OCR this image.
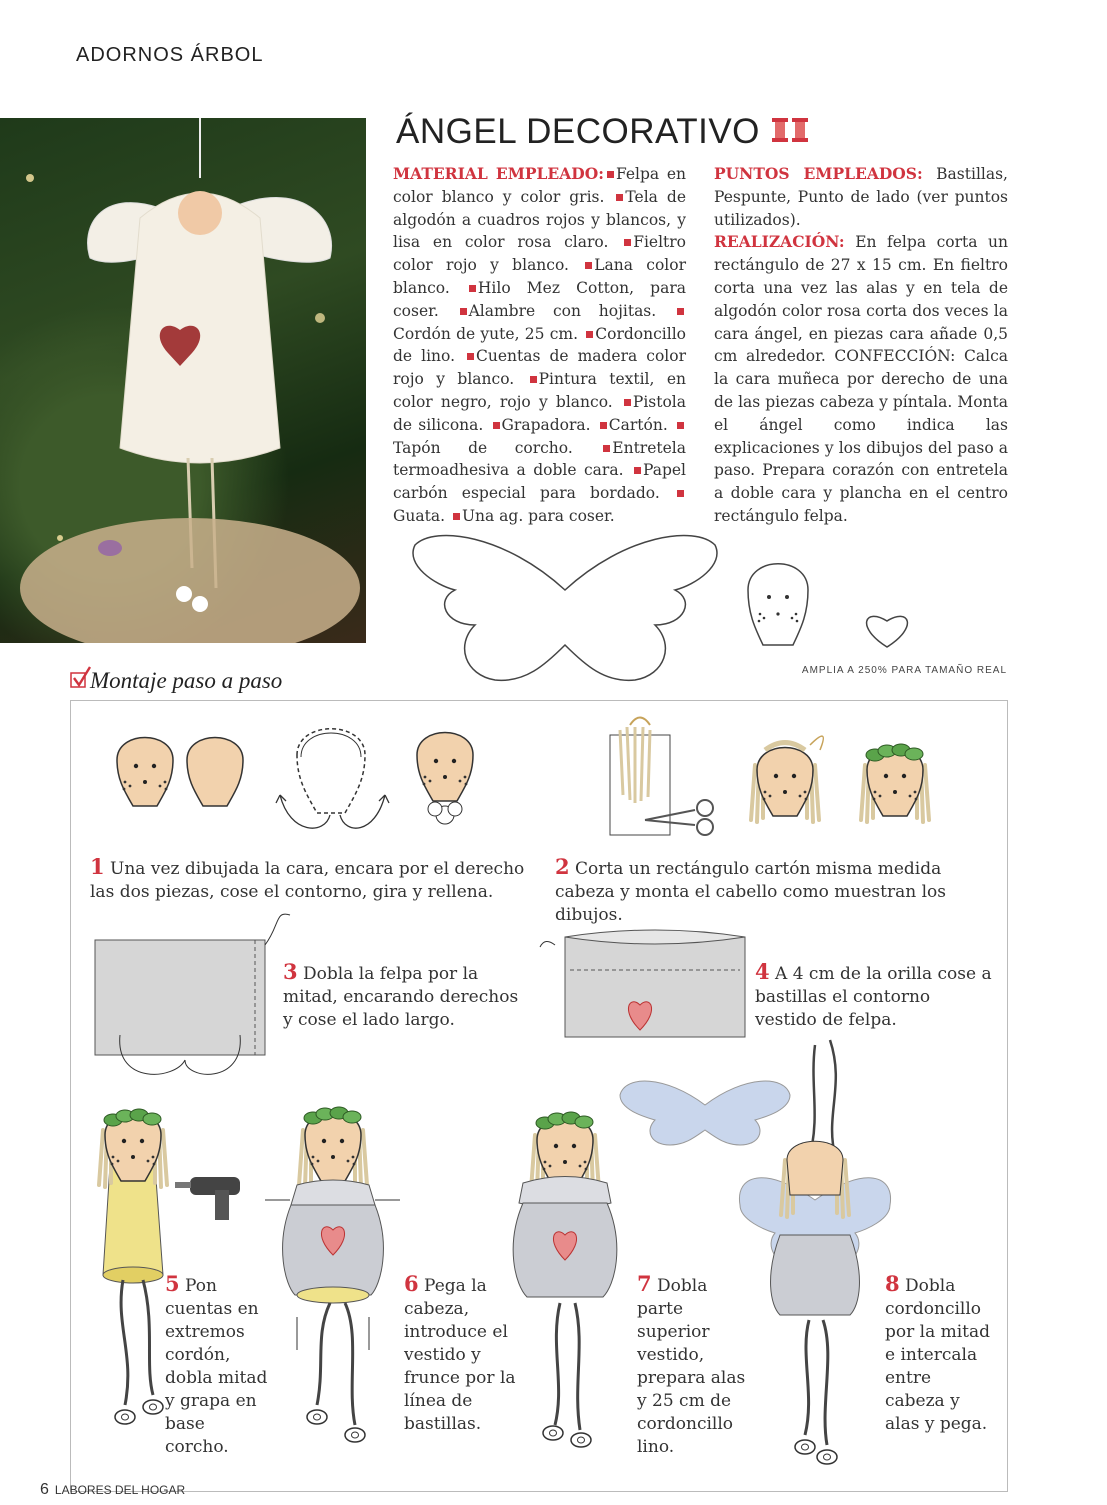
ADORNOS ÁRBOL
ÁNGEL DECORATIVO
MATERIAL EMPLEADO: Felpa en color blanco y color gris. Tela de algodón a cuadros rojos y blancos, y lisa en color rosa claro. Fieltro color rojo y blanco. Lana color blanco. Hilo Mez Cotton, para coser. Alambre con hojitas. Cordón de yute, 25 cm. Cordoncillo de lino. Cuentas de madera color rojo y blanco. Pintura textil, en color negro, rojo y blanco. Pistola de silicona. Grapadora. Cartón. Tapón de corcho. Entretela termoadhesiva a doble cara. Papel carbón especial para bordado. Guata. Una ag. para coser.
PUNTOS EMPLEADOS: Bastillas, Pespunte, Punto de lado (ver puntos utilizados).
REALIZACIÓN: En felpa corta un rectángulo de 27 x 15 cm. En fieltro corta una vez las alas y en tela de algodón color rosa corta dos veces la cara ángel, en piezas cara añade 0,5 cm alrededor. CONFECCIÓN: Calca la cara muñeca por derecho de una de las piezas cabeza y píntala. Monta el ángel como indica las explicaciones y los dibujos del paso a paso. Prepara corazón con entretela a doble cara y plancha en el centro rectángulo felpa.
AMPLIA A 250% PARA TAMAÑO REAL
Montaje paso a paso
1 Una vez dibujada la cara, encara por el derecho las dos piezas, cose el contorno, gira y rellena.
2 Corta un rectángulo cartón misma medida cabeza y monta el cabello como muestran los dibujos.
3 Dobla la felpa por la mitad, encarando derechos y cose el lado largo.
4 A 4 cm de la orilla cose a bastillas el contorno vestido de felpa.
5 Pon cuentas en extremos cordón, dobla mitad y grapa en base corcho.
6 Pega la cabeza, introduce el vestido y frunce por la línea de bastillas.
7 Dobla parte superior vestido, prepara alas y 25 cm de cordoncillo lino.
8 Dobla cordoncillo por la mitad e intercala entre cabeza y alas y pega.
6 LABORES DEL HOGAR
